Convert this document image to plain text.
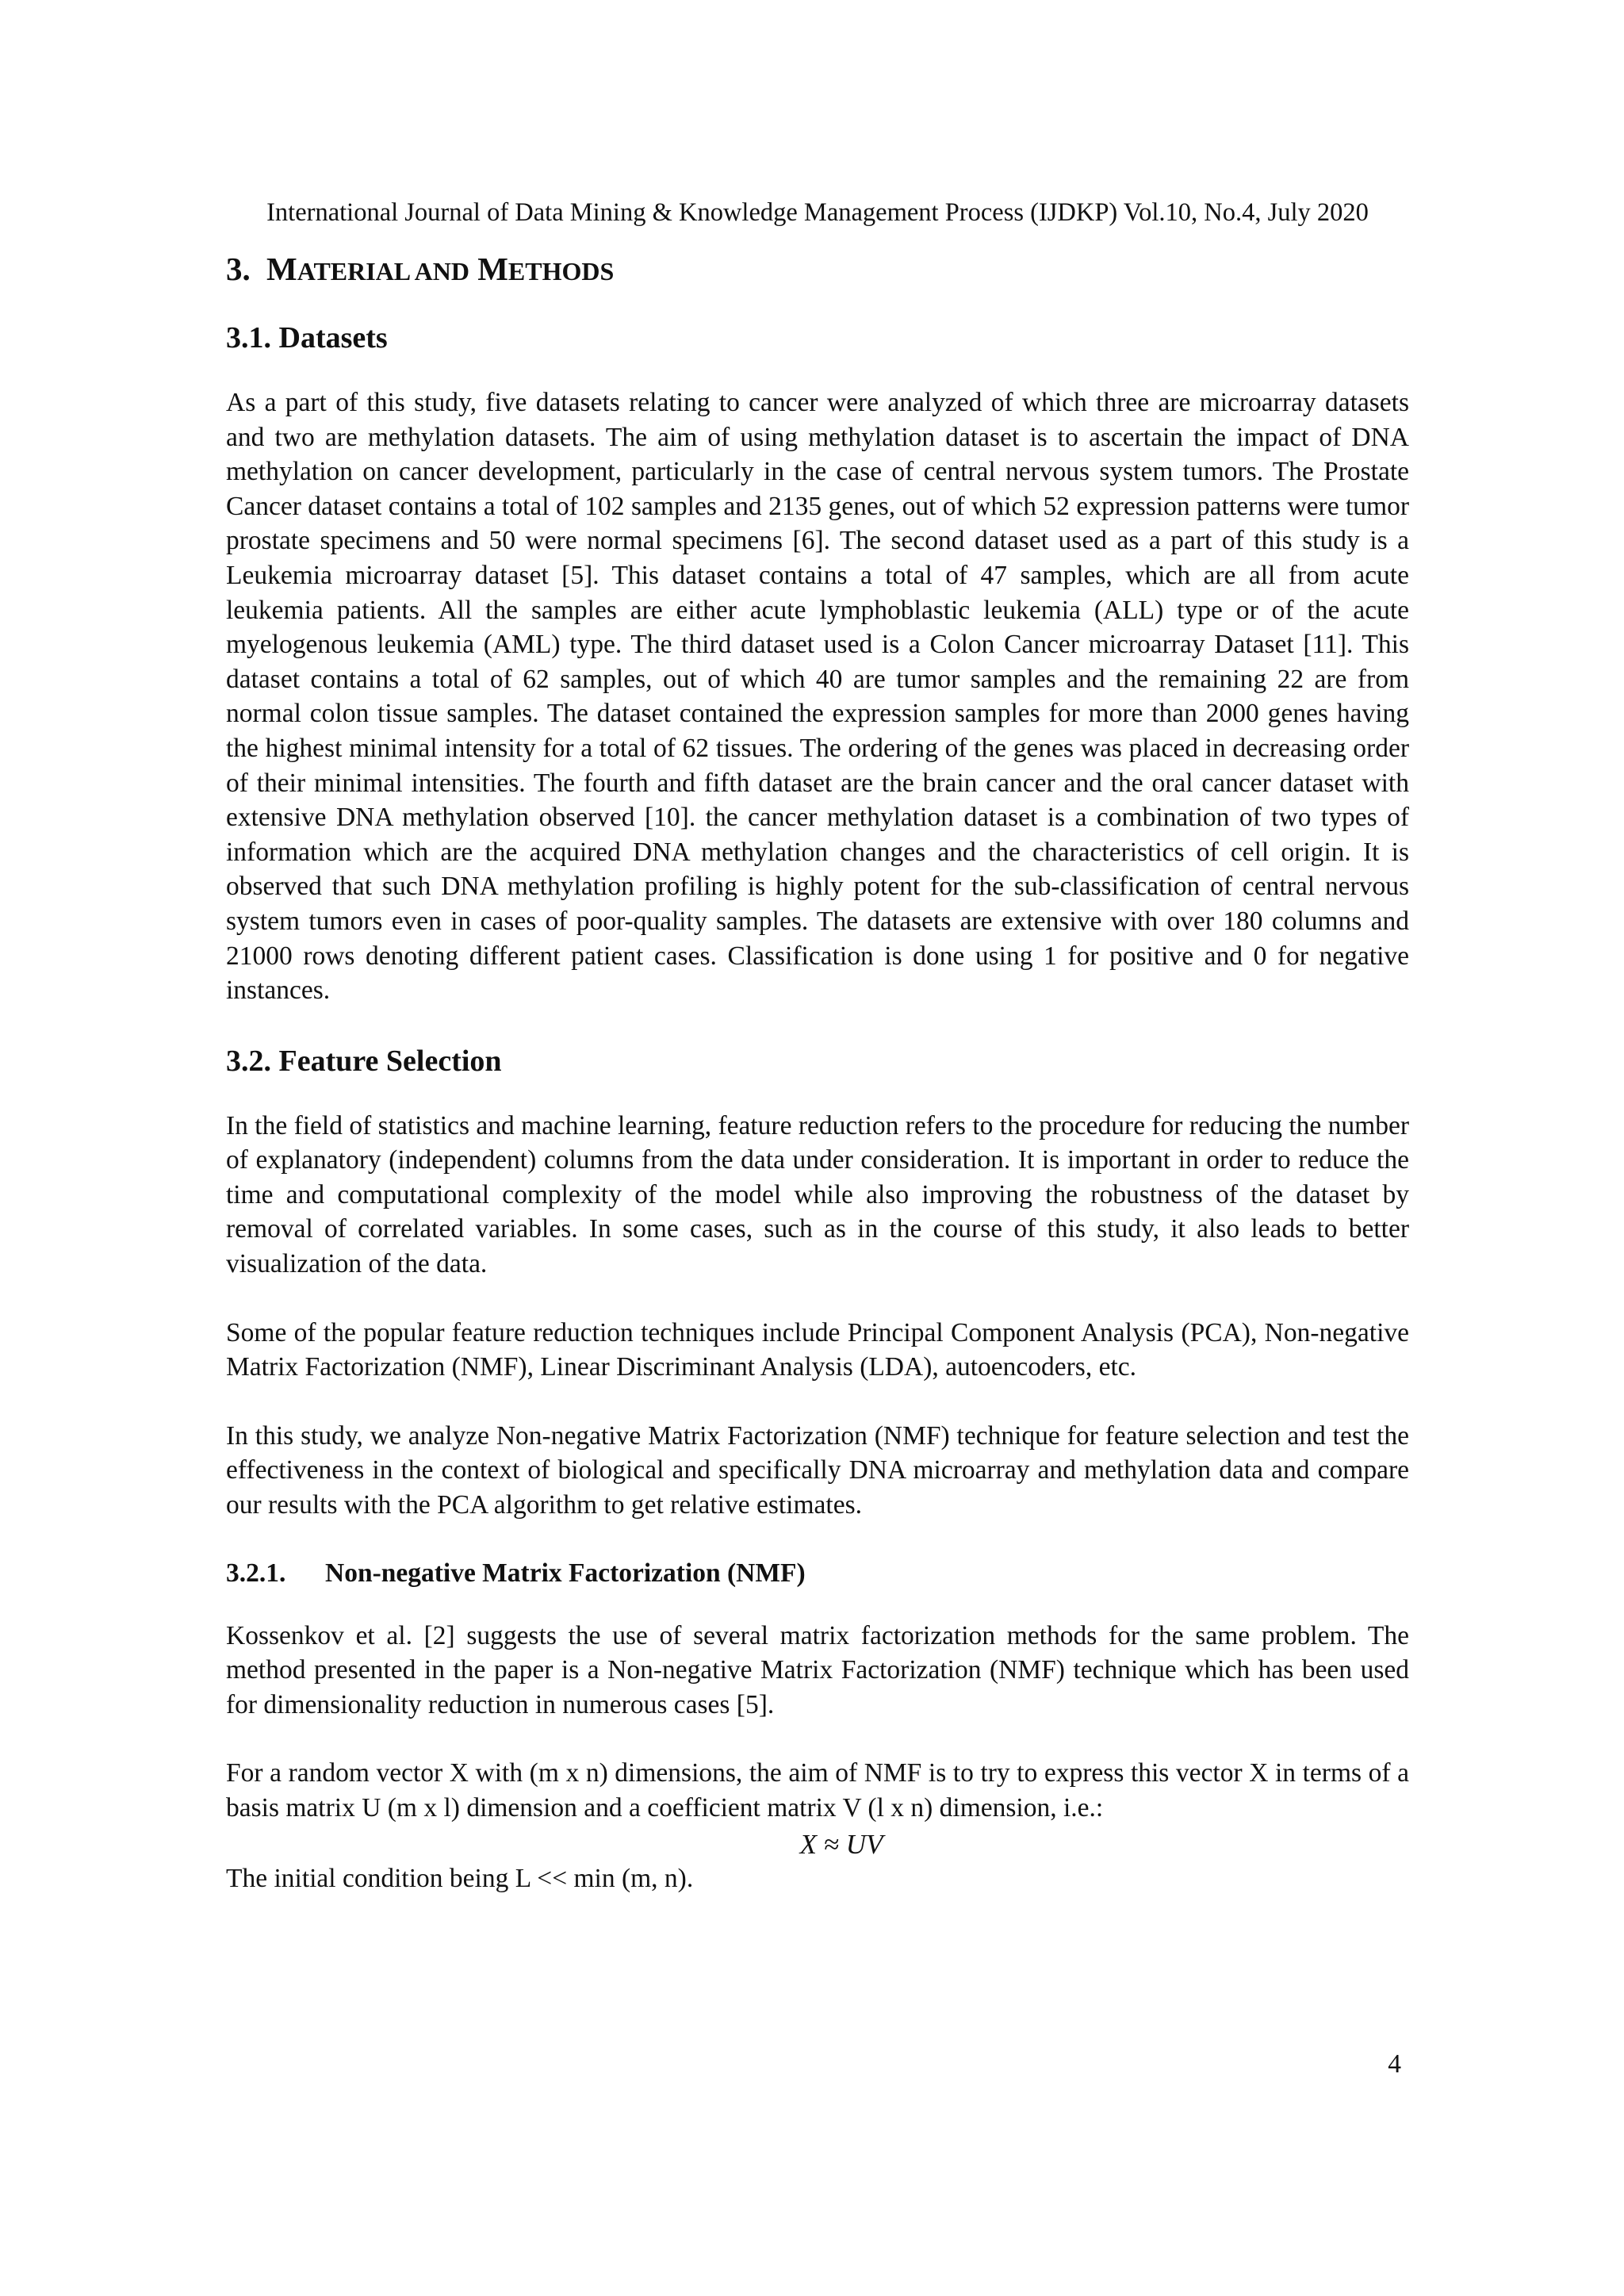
International Journal of Data Mining & Knowledge Management Process (IJDKP) Vol.10, No.4, July 2020
3. MATERIAL AND METHODS
3.1. Datasets

As a part of this study, five datasets relating to cancer were analyzed of which three are microarray datasets and two are methylation datasets. The aim of using methylation dataset is to ascertain the impact of DNA methylation on cancer development, particularly in the case of central nervous system tumors. The Prostate Cancer dataset contains a total of 102 samples and 2135 genes, out of which 52 expression patterns were tumor prostate specimens and 50 were normal specimens [6]. The second dataset used as a part of this study is a Leukemia microarray dataset [5]. This dataset contains a total of 47 samples, which are all from acute leukemia patients. All the samples are either acute lymphoblastic leukemia (ALL) type or of the acute myelogenous leukemia (AML) type. The third dataset used is a Colon Cancer microarray Dataset [11]. This dataset contains a total of 62 samples, out of which 40 are tumor samples and the remaining 22 are from normal colon tissue samples. The dataset contained the expression samples for more than 2000 genes having the highest minimal intensity for a total of 62 tissues. The ordering of the genes was placed in decreasing order of their minimal intensities. The fourth and fifth dataset are the brain cancer and the oral cancer dataset with extensive DNA methylation observed [10]. the cancer methylation dataset is a combination of two types of information which are the acquired DNA methylation changes and the characteristics of cell origin. It is observed that such DNA methylation profiling is highly potent for the sub-classification of central nervous system tumors even in cases of poor-quality samples. The datasets are extensive with over 180 columns and 21000 rows denoting different patient cases. Classification is done using 1 for positive and 0 for negative instances.

3.2. Feature Selection

In the field of statistics and machine learning, feature reduction refers to the procedure for reducing the number of explanatory (independent) columns from the data under consideration. It is important in order to reduce the time and computational complexity of the model while also improving the robustness of the dataset by removal of correlated variables. In some cases, such as in the course of this study, it also leads to better visualization of the data.

Some of the popular feature reduction techniques include Principal Component Analysis (PCA), Non-negative Matrix Factorization (NMF), Linear Discriminant Analysis (LDA), autoencoders, etc.

In this study, we analyze Non-negative Matrix Factorization (NMF) technique for feature selection and test the effectiveness in the context of biological and specifically DNA microarray and methylation data and compare our results with the PCA algorithm to get relative estimates.

3.2.1. Non-negative Matrix Factorization (NMF)

Kossenkov et al. [2] suggests the use of several matrix factorization methods for the same problem. The method presented in the paper is a Non-negative Matrix Factorization (NMF) technique which has been used for dimensionality reduction in numerous cases [5].

For a random vector X with (m x n) dimensions, the aim of NMF is to try to express this vector X in terms of a basis matrix U (m x l) dimension and a coefficient matrix V (l x n) dimension, i.e.:

X ≈ UV

The initial condition being L << min (m, n).

4
